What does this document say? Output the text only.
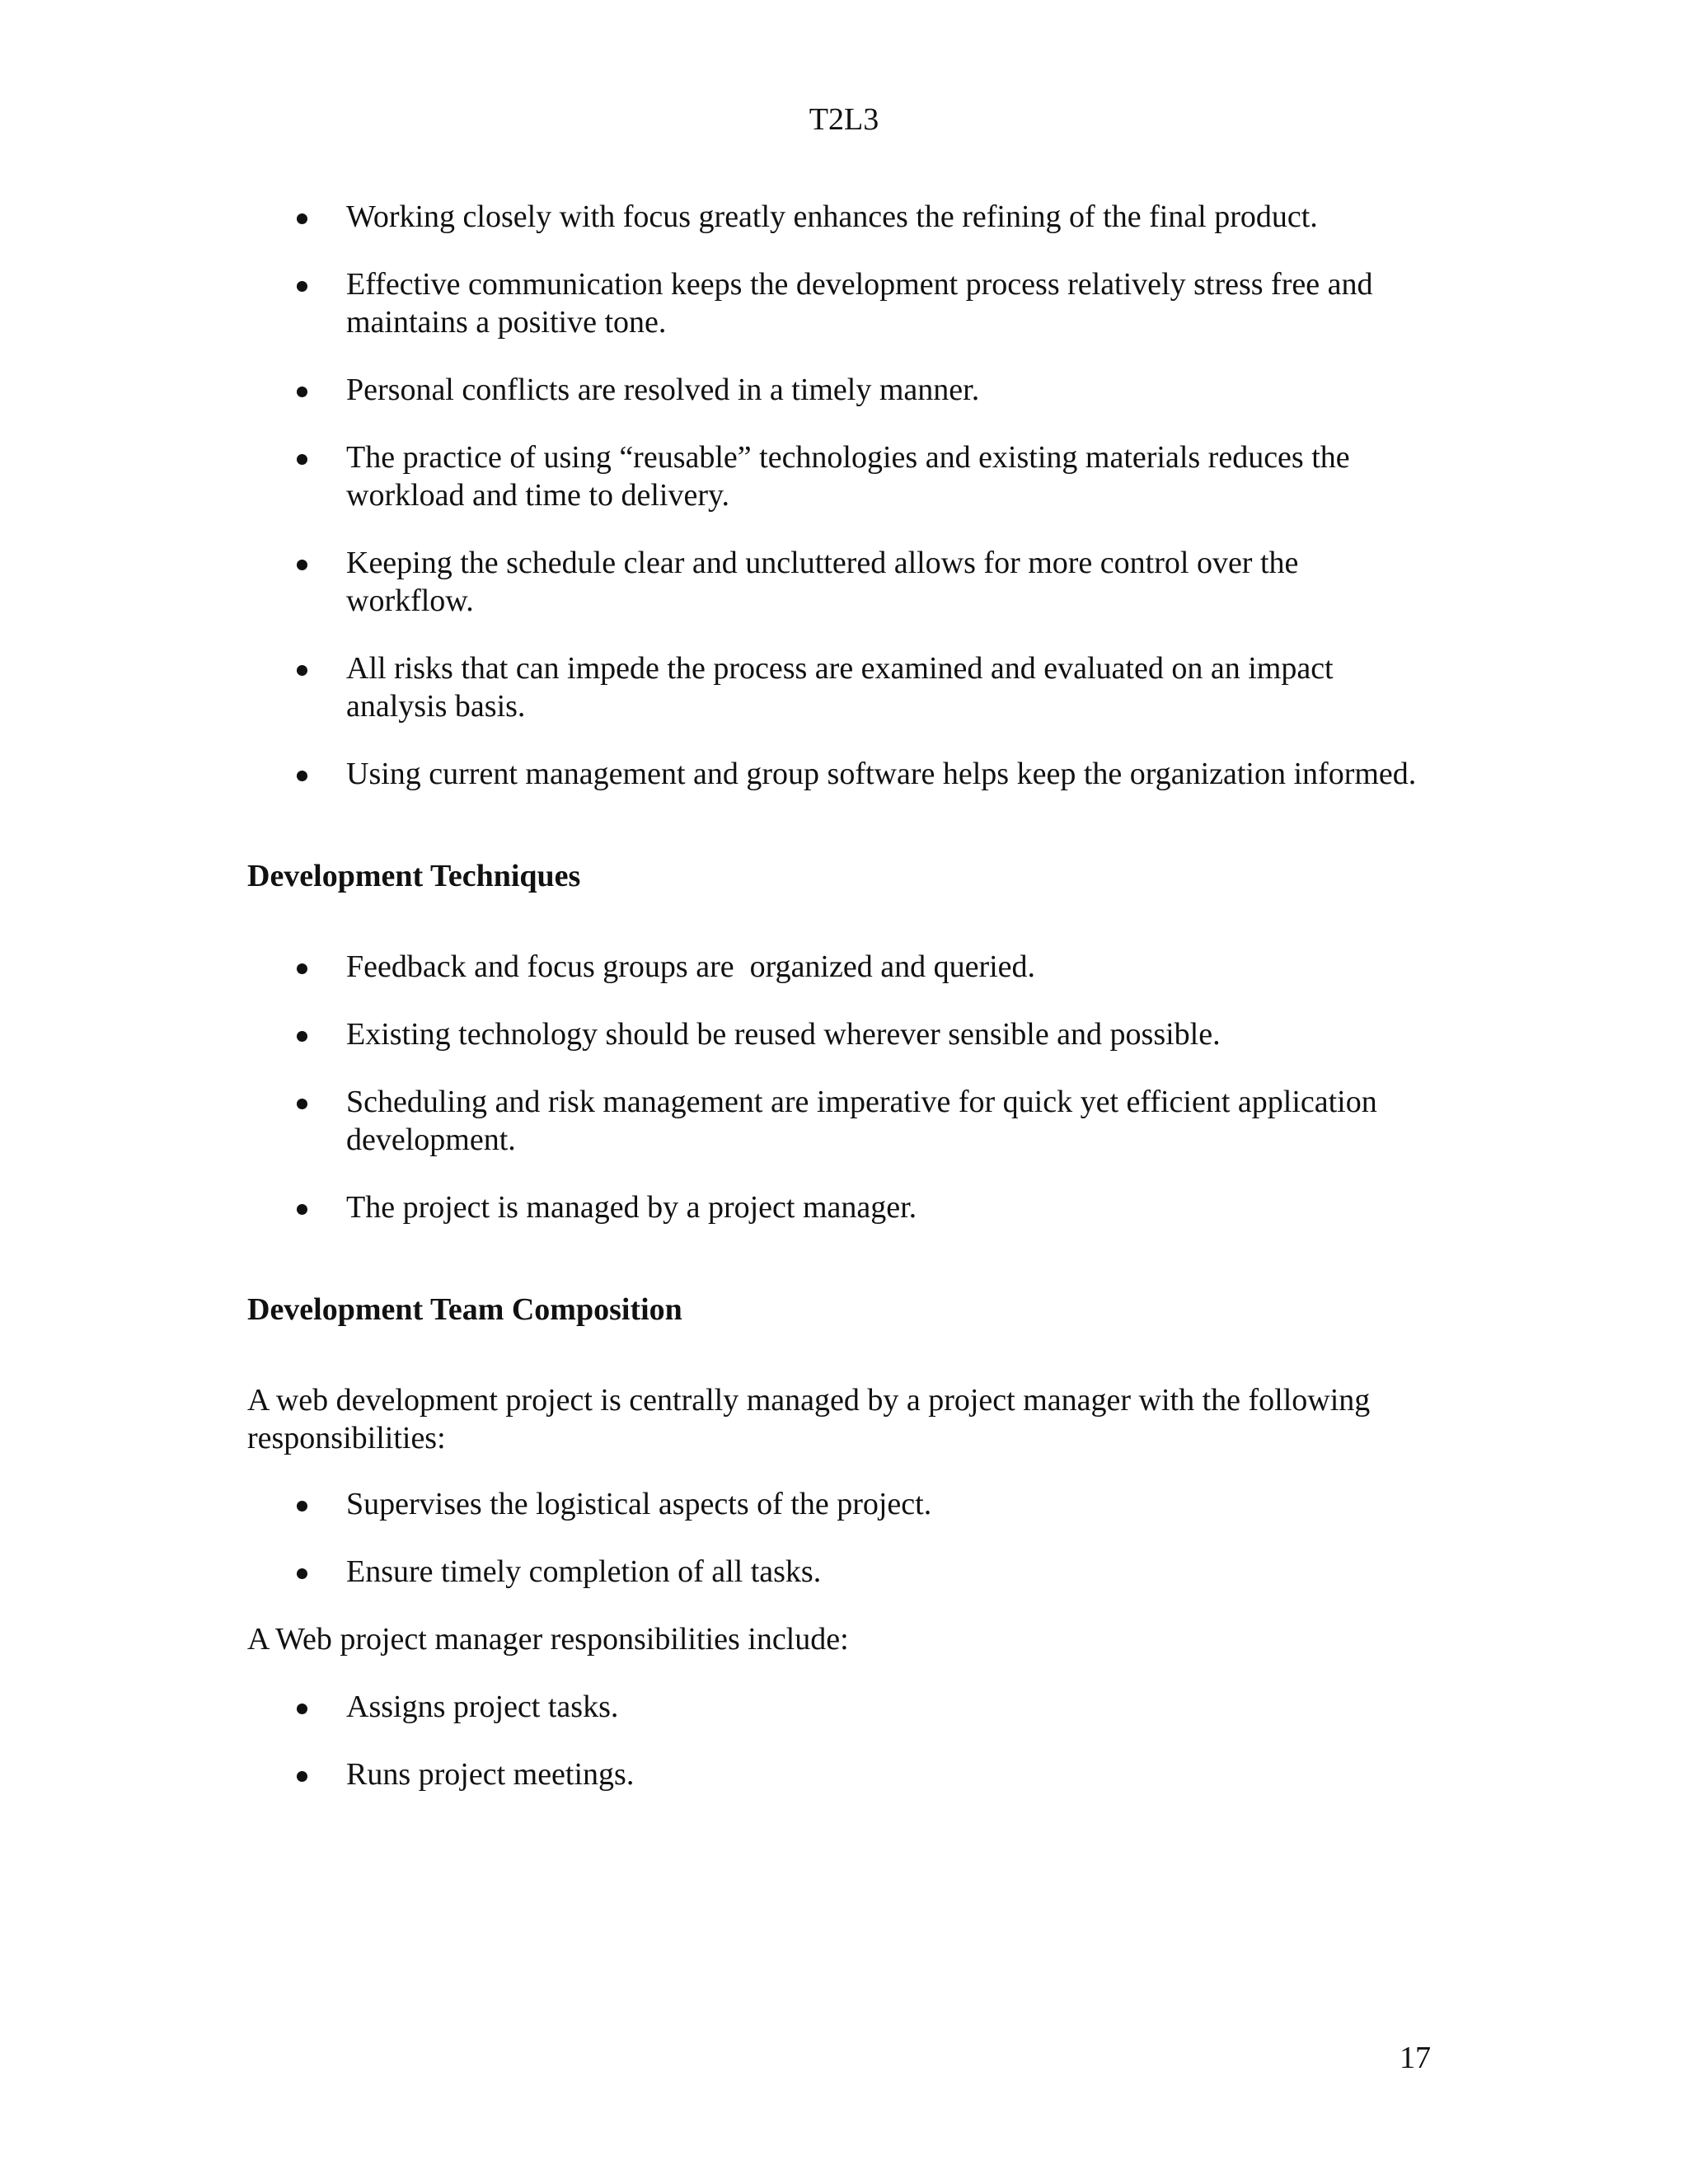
T2L3
Working closely with focus greatly enhances the refining of the final product.
Effective communication keeps the development process relatively stress free and maintains a positive tone.
Personal conflicts are resolved in a timely manner.
The practice of using “reusable” technologies and existing materials reduces the workload and time to delivery.
Keeping the schedule clear and uncluttered allows for more control over the workflow.
All risks that can impede the process are examined and evaluated on an impact analysis basis.
Using current management and group software helps keep the organization informed.

Development Techniques

Feedback and focus groups are  organized and queried.
Existing technology should be reused wherever sensible and possible.
Scheduling and risk management are imperative for quick yet efficient application development.
The project is managed by a project manager.

Development Team Composition

A web development project is centrally managed by a project manager with the following responsibilities:

Supervises the logistical aspects of the project.
Ensure timely completion of all tasks.

A Web project manager responsibilities include:

Assigns project tasks.
Runs project meetings.
17
